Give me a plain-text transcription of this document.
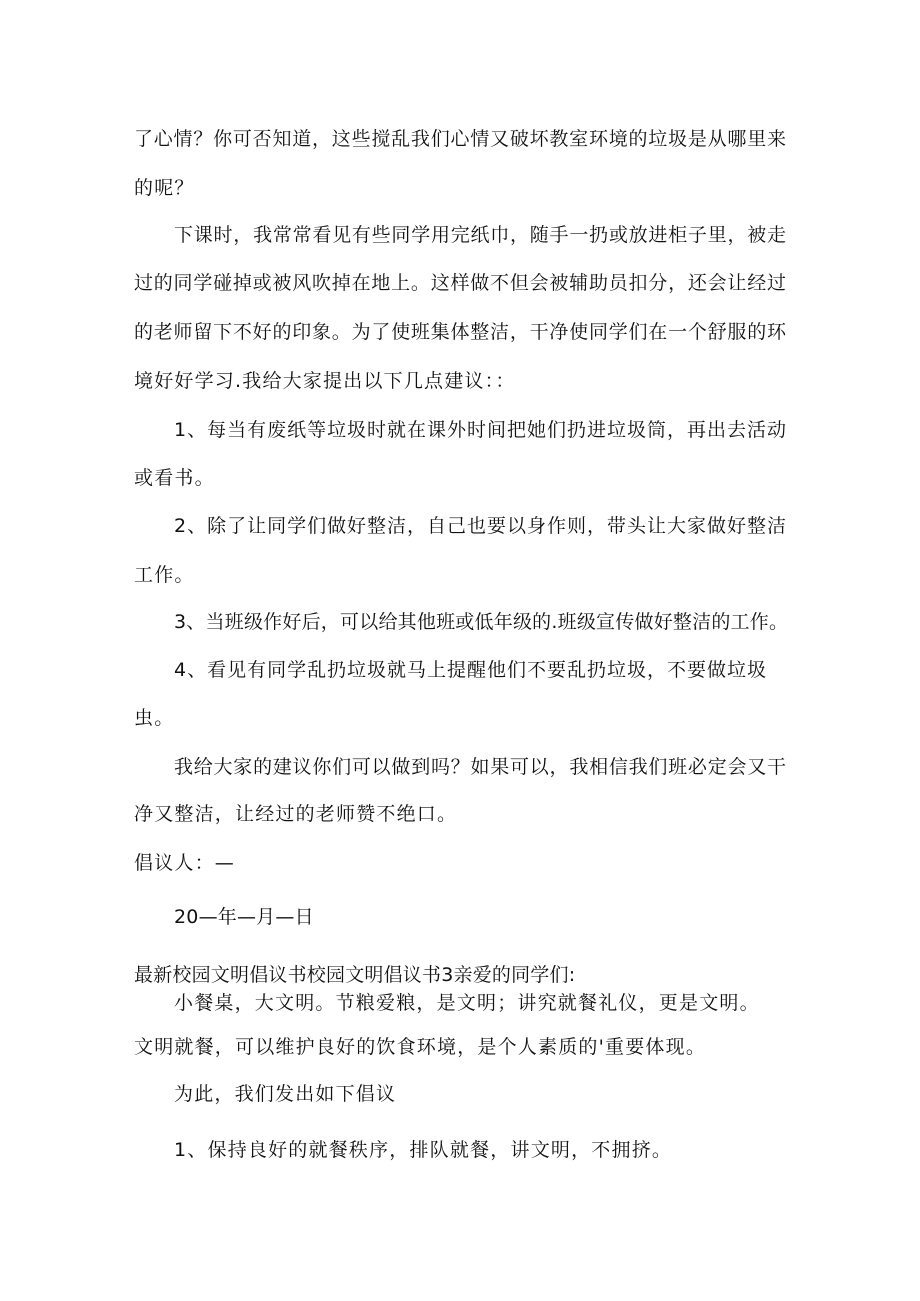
了心情？你可否知道，这些搅乱我们心情又破坏教室环境的垃圾是从哪里来
的呢？
下课时，我常常看见有些同学用完纸巾，随手一扔或放进柜子里，被走
过的同学碰掉或被风吹掉在地上。这样做不但会被辅助员扣分，还会让经过
的老师留下不好的印象。为了使班集体整洁，干净使同学们在一个舒服的环
境好好学习.我给大家提出以下几点建议：：
1、每当有废纸等垃圾时就在课外时间把她们扔进垃圾筒，再出去活动
或看书。
2、除了让同学们做好整洁，自己也要以身作则，带头让大家做好整洁
工作。
3、当班级作好后，可以给其他班或低年级的.班级宣传做好整洁的工作。
4、看见有同学乱扔垃圾就马上提醒他们不要乱扔垃圾，不要做垃圾
虫。
我给大家的建议你们可以做到吗？如果可以，我相信我们班必定会又干
净又整洁，让经过的老师赞不绝口。
倡议人：—
20—年—月—日
最新校园文明倡议书校园文明倡议书3亲爱的同学们:
小餐桌，大文明。节粮爱粮，是文明；讲究就餐礼仪，更是文明。
文明就餐，可以维护良好的饮食环境，是个人素质的'重要体现。
为此，我们发出如下倡议
1、保持良好的就餐秩序，排队就餐，讲文明，不拥挤。
